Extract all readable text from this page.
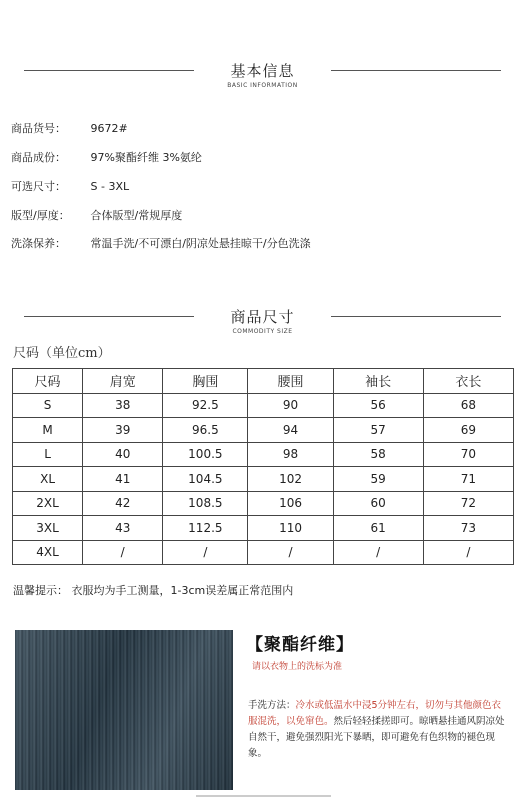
基本信息
BASIC INFORMATION
商品货号： 9672#
商品成份： 97%聚酯纤维 3%氨纶
可选尺寸： S - 3XL
版型/厚度： 合体版型/常规厚度
洗涤保养： 常温手洗/不可漂白/阴凉处悬挂晾干/分色洗涤
商品尺寸
COMMODITY SIZE
尺码（单位cm）
尺码	肩宽	胸围	腰围	袖长	衣长
S	38	92.5	90	56	68
M	39	96.5	94	57	69
L	40	100.5	98	58	70
XL	41	104.5	102	59	71
2XL	42	108.5	106	60	72
3XL	43	112.5	110	61	73
4XL	/	/	/	/	/
温馨提示： 衣服均为手工测量，1-3cm误差属正常范围内
【聚酯纤维】
请以衣物上的洗标为准
手洗方法：冷水或低温水中浸5分钟左右，切勿与其他颜色衣服混洗，以免窜色。然后轻轻揉搓即可。晾晒悬挂通风阴凉处自然干，避免强烈阳光下暴晒，即可避免有色织物的褪色现象。
